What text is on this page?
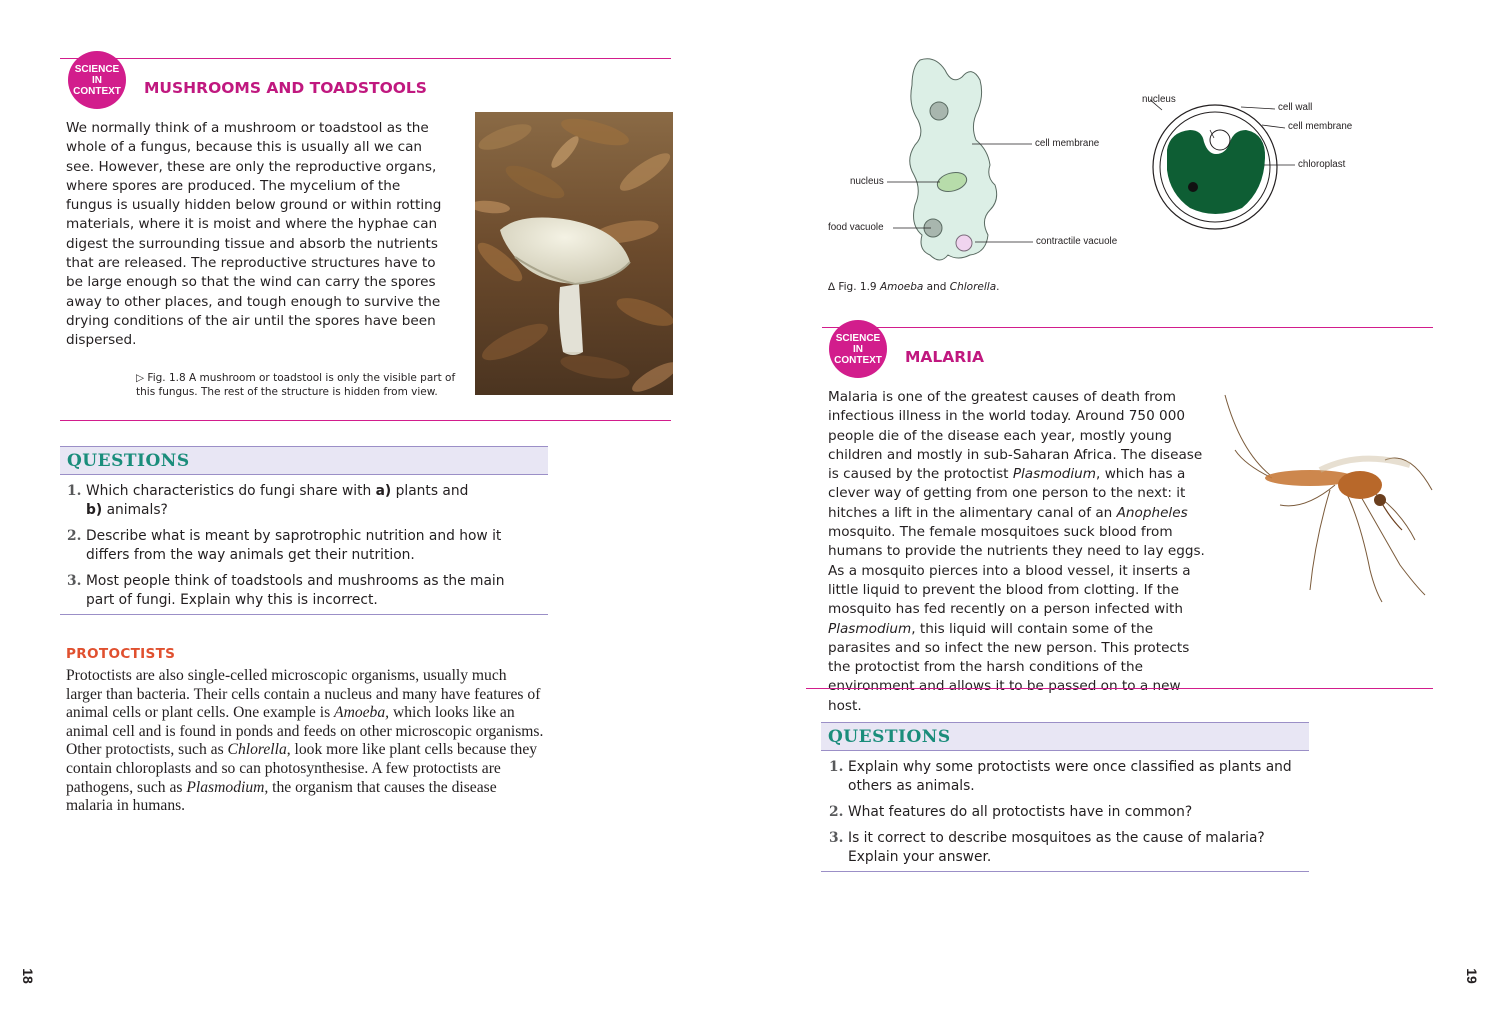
SCIENCE
IN
CONTEXT	MUSHROOMS AND TOADSTOOLS

We normally think of a mushroom or toadstool as the whole of a fungus, because this is usually all we can see. However, these are only the reproductive organs, where spores are produced. The mycelium of the fungus is usually hidden below ground or within rotting materials, where it is moist and where the hyphae can digest the surrounding tissue and absorb the nutrients that are released. The reproductive structures have to be large enough so that the wind can carry the spores away to other places, and tough enough to survive the drying conditions of the air until the spores have been dispersed.

▷ Fig. 1.8 A mushroom or toadstool is only the visible part of
this fungus. The rest of the structure is hidden from view.
QUESTIONS
1. Which characteristics do fungi share with a) plants and
b) animals?
2. Describe what is meant by saprotrophic nutrition and how it differs from the way animals get their nutrition.
3. Most people think of toadstools and mushrooms as the main part of fungi. Explain why this is incorrect.
PROTOCTISTS

Protoctists are also single-celled microscopic organisms, usually much larger than bacteria. Their cells contain a nucleus and many have features of animal cells or plant cells. One example is Amoeba, which looks like an animal cell and is found in ponds and feeds on other microscopic organisms. Other protoctists, such as Chlorella, look more like plant cells because they contain chloroplasts and so can photosynthesise. A few protoctists are pathogens, such as Plasmodium, the organism that causes the disease malaria in humans.

18
cell membrane
nucleus
food vacuole
contractile vacuole
nucleus
cell wall
cell membrane
chloroplast
∆ Fig. 1.9 Amoeba and Chlorella.
SCIENCE
IN
CONTEXT	MALARIA

Malaria is one of the greatest causes of death from infectious illness in the world today. Around 750 000 people die of the disease each year, mostly young children and mostly in sub-Saharan Africa. The disease is caused by the protoctist Plasmodium, which has a clever way of getting from one person to the next: it hitches a lift in the alimentary canal of an Anopheles mosquito. The female mosquitoes suck blood from humans to provide the nutrients they need to lay eggs. As a mosquito pierces into a blood vessel, it inserts a little liquid to prevent the blood from clotting. If the mosquito has fed recently on a person infected with Plasmodium, this liquid will contain some of the parasites and so infect the new person. This protects the protoctist from the harsh conditions of the environment and allows it to be passed on to a new host.

QUESTIONS
1. Explain why some protoctists were once classified as plants and others as animals.
2. What features do all protoctists have in common?
3. Is it correct to describe mosquitoes as the cause of malaria? Explain your answer.
19
